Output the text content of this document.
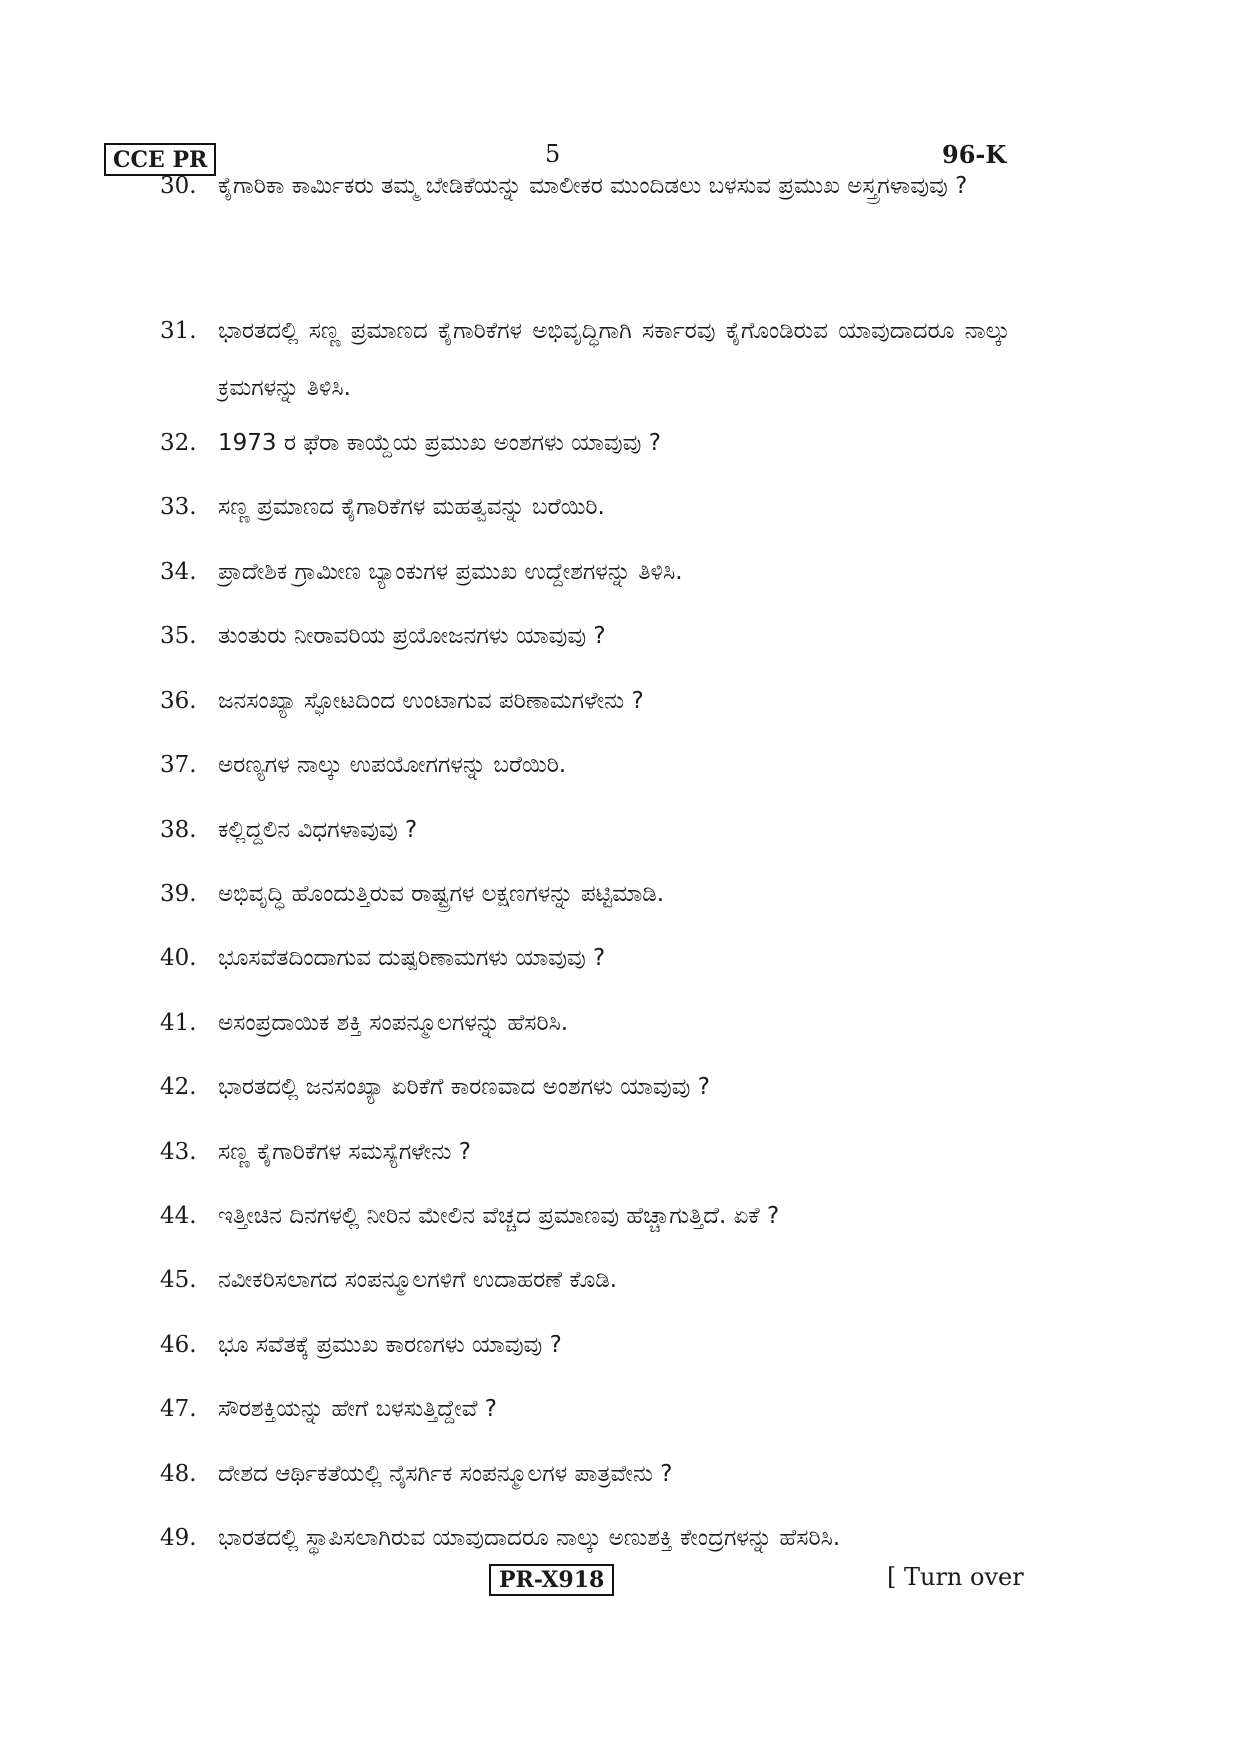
CCE PR	5	96-K
30. ಕೈಗಾರಿಕಾ ಕಾರ್ಮಿಕರು ತಮ್ಮ ಬೇಡಿಕೆಯನ್ನು ಮಾಲೀಕರ ಮುಂದಿಡಲು ಬಳಸುವ ಪ್ರಮುಖ ಅಸ್ತ್ರಗಳಾವುವು ?
31. ಭಾರತದಲ್ಲಿ ಸಣ್ಣ ಪ್ರಮಾಣದ ಕೈಗಾರಿಕೆಗಳ ಅಭಿವೃದ್ಧಿಗಾಗಿ ಸರ್ಕಾರವು ಕೈಗೊಂಡಿರುವ ಯಾವುದಾದರೂ ನಾಲ್ಕು ಕ್ರಮಗಳನ್ನು ತಿಳಿಸಿ.
32. 1973 ರ ಫೆರಾ ಕಾಯ್ದೆಯ ಪ್ರಮುಖ ಅಂಶಗಳು ಯಾವುವು ?
33. ಸಣ್ಣ ಪ್ರಮಾಣದ ಕೈಗಾರಿಕೆಗಳ ಮಹತ್ವವನ್ನು ಬರೆಯಿರಿ.
34. ಪ್ರಾದೇಶಿಕ ಗ್ರಾಮೀಣ ಬ್ಯಾಂಕುಗಳ ಪ್ರಮುಖ ಉದ್ದೇಶಗಳನ್ನು ತಿಳಿಸಿ.
35. ತುಂತುರು ನೀರಾವರಿಯ ಪ್ರಯೋಜನಗಳು ಯಾವುವು ?
36. ಜನಸಂಖ್ಯಾ ಸ್ಫೋಟದಿಂದ ಉಂಟಾಗುವ ಪರಿಣಾಮಗಳೇನು ?
37. ಅರಣ್ಯಗಳ ನಾಲ್ಕು ಉಪಯೋಗಗಳನ್ನು ಬರೆಯಿರಿ.
38. ಕಲ್ಲಿದ್ದಲಿನ ವಿಧಗಳಾವುವು ?
39. ಅಭಿವೃದ್ಧಿ ಹೊಂದುತ್ತಿರುವ ರಾಷ್ಟ್ರಗಳ ಲಕ್ಷಣಗಳನ್ನು ಪಟ್ಟಿಮಾಡಿ.
40. ಭೂಸವೆತದಿಂದಾಗುವ ದುಷ್ಪರಿಣಾಮಗಳು ಯಾವುವು ?
41. ಅಸಂಪ್ರದಾಯಿಕ ಶಕ್ತಿ ಸಂಪನ್ಮೂಲಗಳನ್ನು ಹೆಸರಿಸಿ.
42. ಭಾರತದಲ್ಲಿ ಜನಸಂಖ್ಯಾ ಏರಿಕೆಗೆ ಕಾರಣವಾದ ಅಂಶಗಳು ಯಾವುವು ?
43. ಸಣ್ಣ ಕೈಗಾರಿಕೆಗಳ ಸಮಸ್ಯೆಗಳೇನು ?
44. ಇತ್ತೀಚಿನ ದಿನಗಳಲ್ಲಿ ನೀರಿನ ಮೇಲಿನ ವೆಚ್ಚದ ಪ್ರಮಾಣವು ಹೆಚ್ಚಾಗುತ್ತಿದೆ. ಏಕೆ ?
45. ನವೀಕರಿಸಲಾಗದ ಸಂಪನ್ಮೂಲಗಳಿಗೆ ಉದಾಹರಣೆ ಕೊಡಿ.
46. ಭೂ ಸವೆತಕ್ಕೆ ಪ್ರಮುಖ ಕಾರಣಗಳು ಯಾವುವು ?
47. ಸೌರಶಕ್ತಿಯನ್ನು ಹೇಗೆ ಬಳಸುತ್ತಿದ್ದೇವೆ ?
48. ದೇಶದ ಆರ್ಥಿಕತೆಯಲ್ಲಿ ನೈಸರ್ಗಿಕ ಸಂಪನ್ಮೂಲಗಳ ಪಾತ್ರವೇನು ?
49. ಭಾರತದಲ್ಲಿ ಸ್ಥಾಪಿಸಲಾಗಿರುವ ಯಾವುದಾದರೂ ನಾಲ್ಕು ಅಣುಶಕ್ತಿ ಕೇಂದ್ರಗಳನ್ನು ಹೆಸರಿಸಿ.
PR-X918	[ Turn over
